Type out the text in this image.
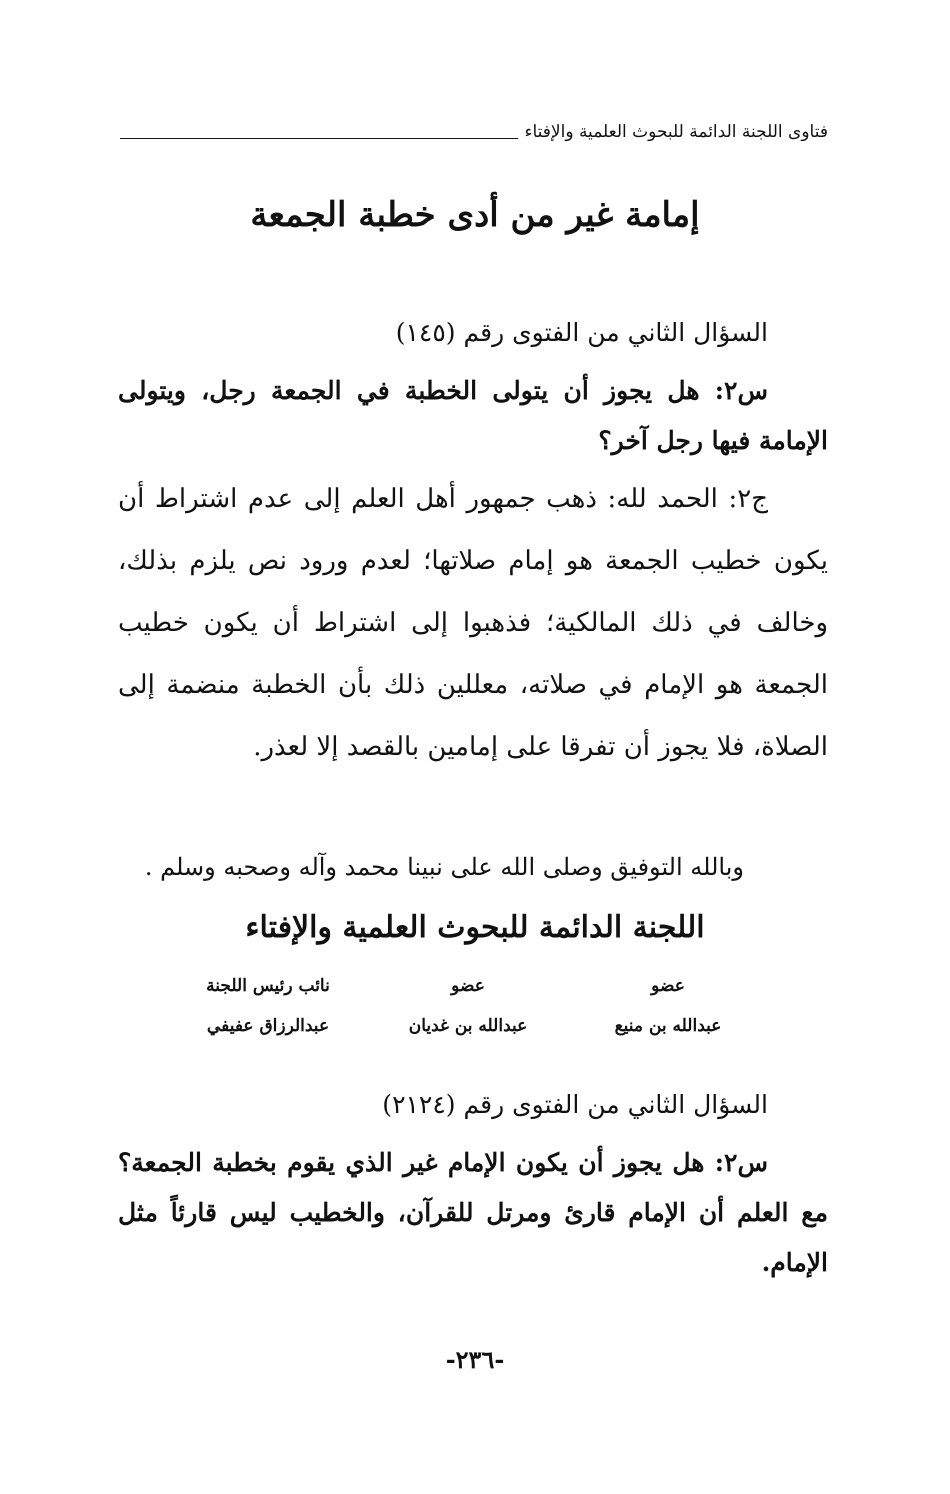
فتاوى اللجنة الدائمة للبحوث العلمية والإفتاء
إمامة غير من أدى خطبة الجمعة
السؤال الثاني من الفتوى رقم (١٤٥)
س٢: هل يجوز أن يتولى الخطبة في الجمعة رجل، ويتولى الإمامة فيها رجل آخر؟
ج٢: الحمد لله: ذهب جمهور أهل العلم إلى عدم اشتراط أن يكون خطيب الجمعة هو إمام صلاتها؛ لعدم ورود نص يلزم بذلك، وخالف في ذلك المالكية؛ فذهبوا إلى اشتراط أن يكون خطيب الجمعة هو الإمام في صلاته، معللين ذلك بأن الخطبة منضمة إلى الصلاة، فلا يجوز أن تفرقا على إمامين بالقصد إلا لعذر.
وبالله التوفيق وصلى الله على نبينا محمد وآله وصحبه وسلم .
اللجنة الدائمة للبحوث العلمية والإفتاء
عضو
عبدالله بن منيع
عضو
عبدالله بن غديان
نائب رئيس اللجنة
عبدالرزاق عفيفي
السؤال الثاني من الفتوى رقم (٢١٢٤)
س٢: هل يجوز أن يكون الإمام غير الذي يقوم بخطبة الجمعة؟ مع العلم أن الإمام قارئ ومرتل للقرآن، والخطيب ليس قارئاً مثل الإمام.
-٢٣٦-
